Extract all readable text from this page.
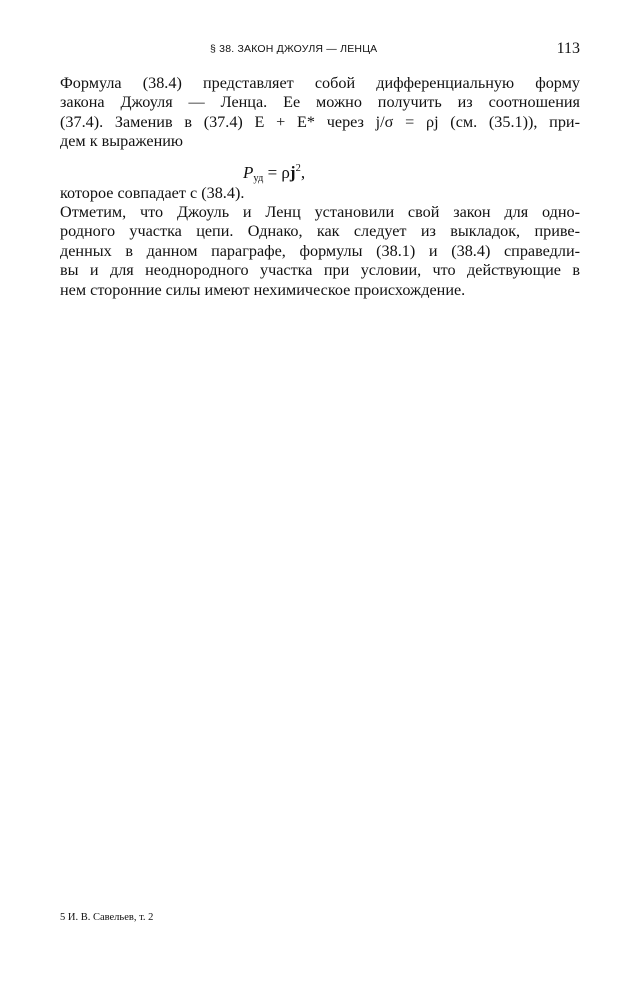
§ 38. ЗАКОН ДЖОУЛЯ — ЛЕНЦА	113
Формула (38.4) представляет собой дифференциальную форму
закона Джоуля — Ленца. Ее можно получить из соотношения
(37.4). Заменив в (37.4) E + E* через j/σ = ρj (см. (35.1)), при-
дем к выражению
$P_{уд} = \rho j^2$,
которое совпадает с (38.4).
Отметим, что Джоуль и Ленц установили свой закон для одно-
родного участка цепи. Однако, как следует из выкладок, приве-
денных в данном параграфе, формулы (38.1) и (38.4) справедли-
вы и для неоднородного участка при условии, что действующие в
нем сторонние силы имеют нехимическое происхождение.
5 И. В. Савельев, т. 2
